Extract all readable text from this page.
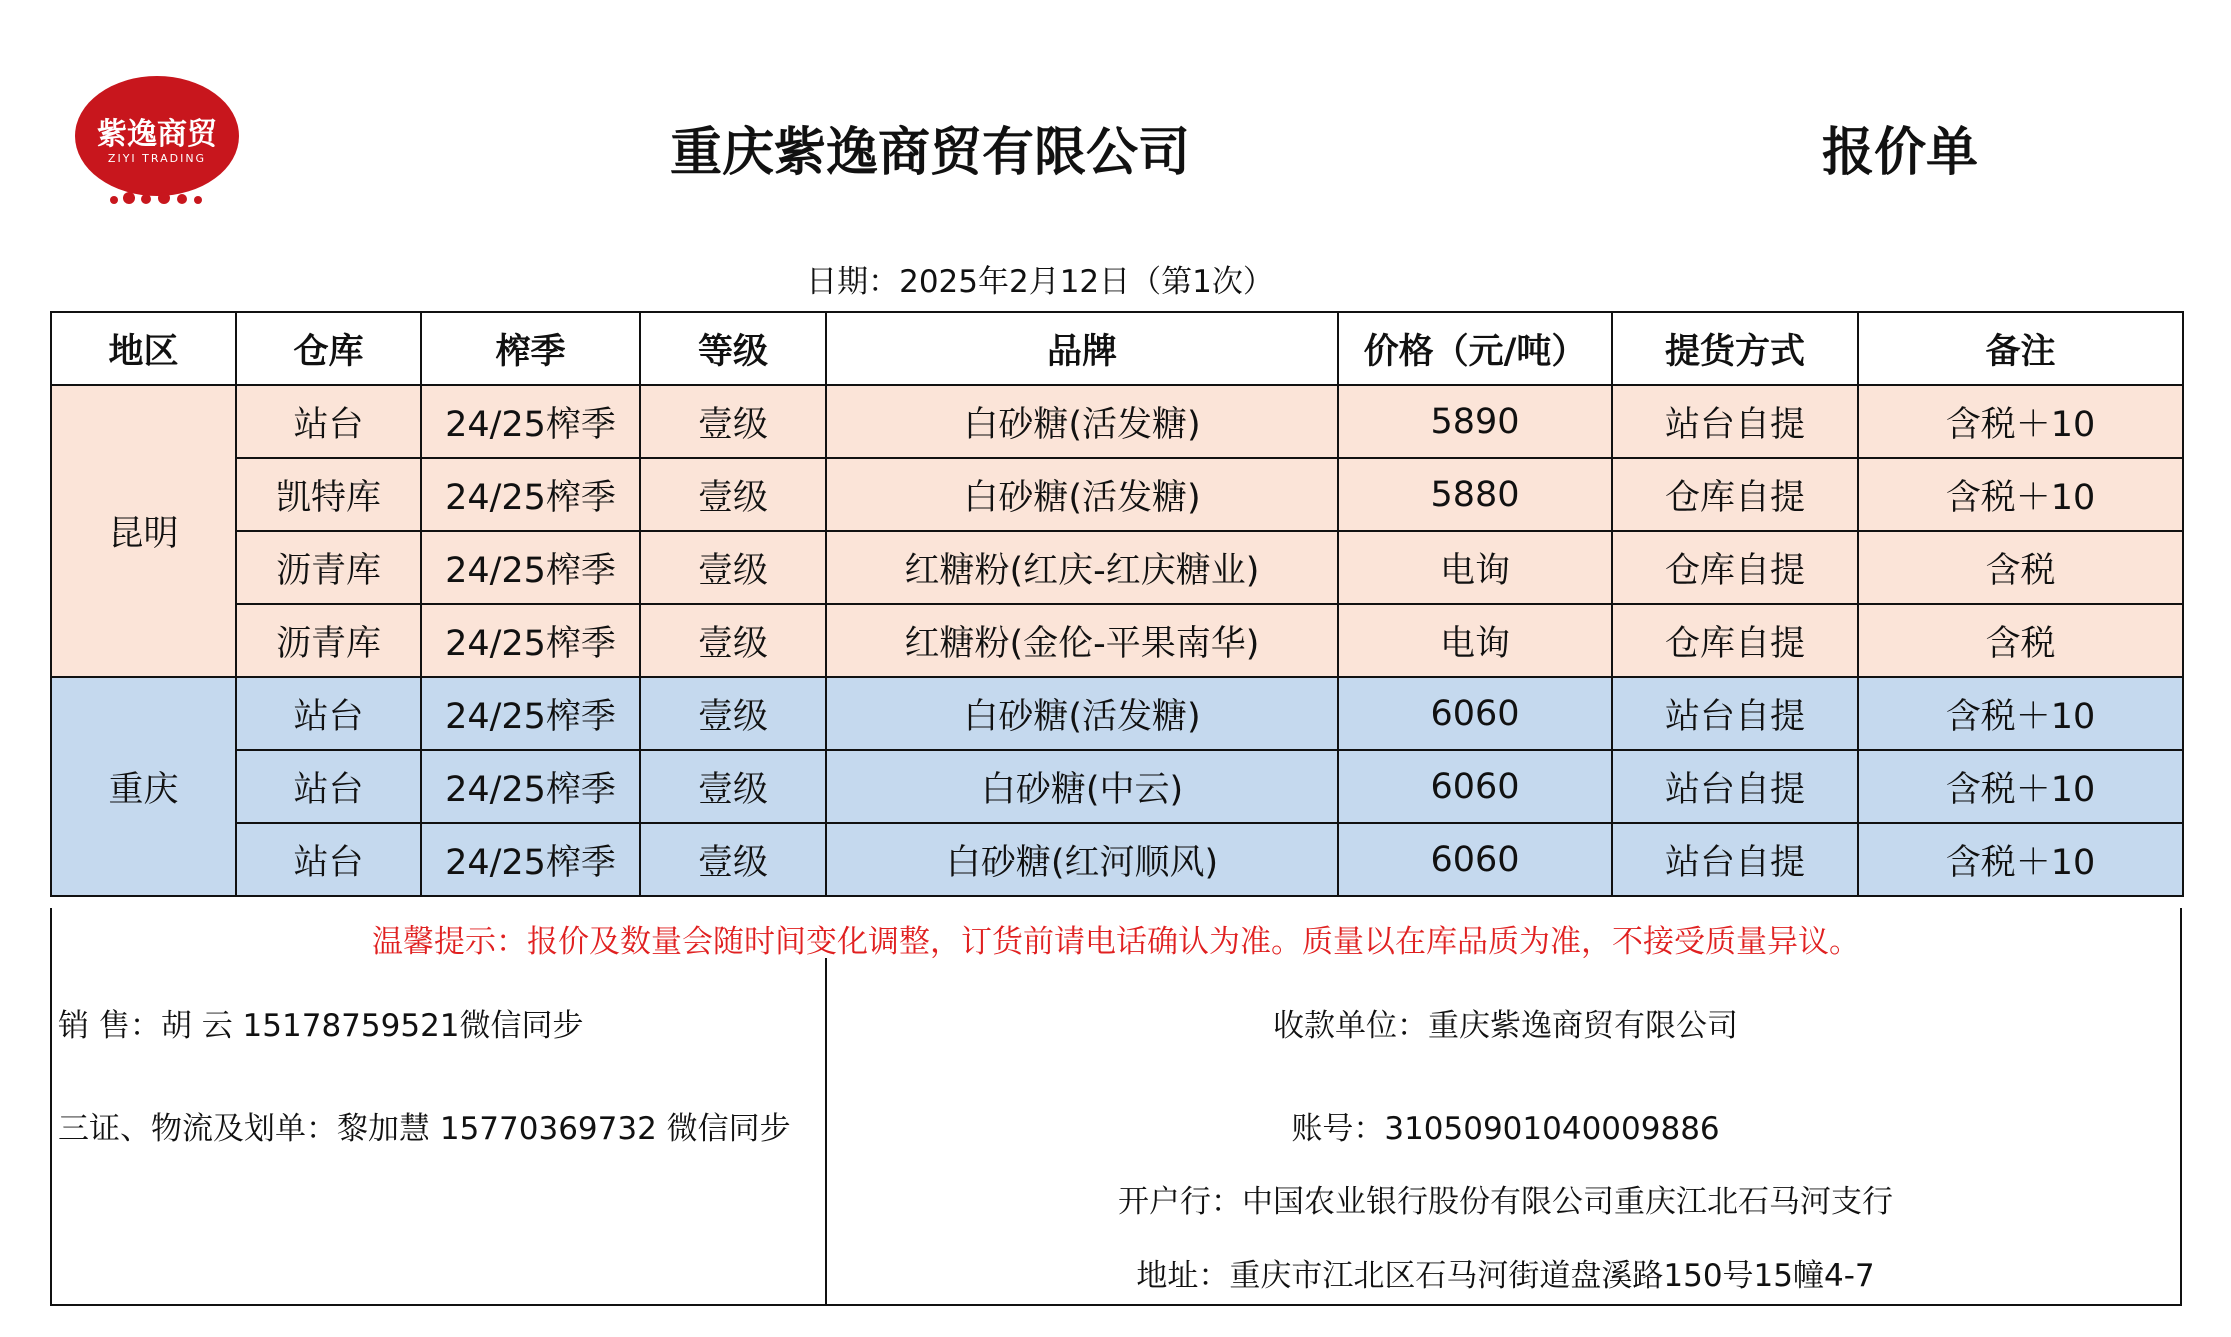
紫逸商贸
ZIYI TRADING	重庆紫逸商贸有限公司	报价单
日期：2025年2月12日（第1次）
地区	仓库	榨季	等级	品牌	价格（元/吨）	提货方式	备注
昆明	站台	24/25榨季	壹级	白砂糖(活发糖)	5890	站台自提	含税＋10
	凯特库	24/25榨季	壹级	白砂糖(活发糖)	5880	仓库自提	含税＋10
	沥青库	24/25榨季	壹级	红糖粉(红庆-红庆糖业)	电询	仓库自提	含税
	沥青库	24/25榨季	壹级	红糖粉(金伦-平果南华)	电询	仓库自提	含税
重庆	站台	24/25榨季	壹级	白砂糖(活发糖)	6060	站台自提	含税＋10
	站台	24/25榨季	壹级	白砂糖(中云)	6060	站台自提	含税＋10
	站台	24/25榨季	壹级	白砂糖(红河顺风)	6060	站台自提	含税＋10
温馨提示：报价及数量会随时间变化调整，订货前请电话确认为准。质量以在库品质为准，不接受质量异议。
销 售：胡 云 15178759521微信同步
三证、物流及划单：黎加慧 15770369732 微信同步
收款单位：重庆紫逸商贸有限公司
账号：31050901040009886
开户行：中国农业银行股份有限公司重庆江北石马河支行
地址：重庆市江北区石马河街道盘溪路150号15幢4-7
